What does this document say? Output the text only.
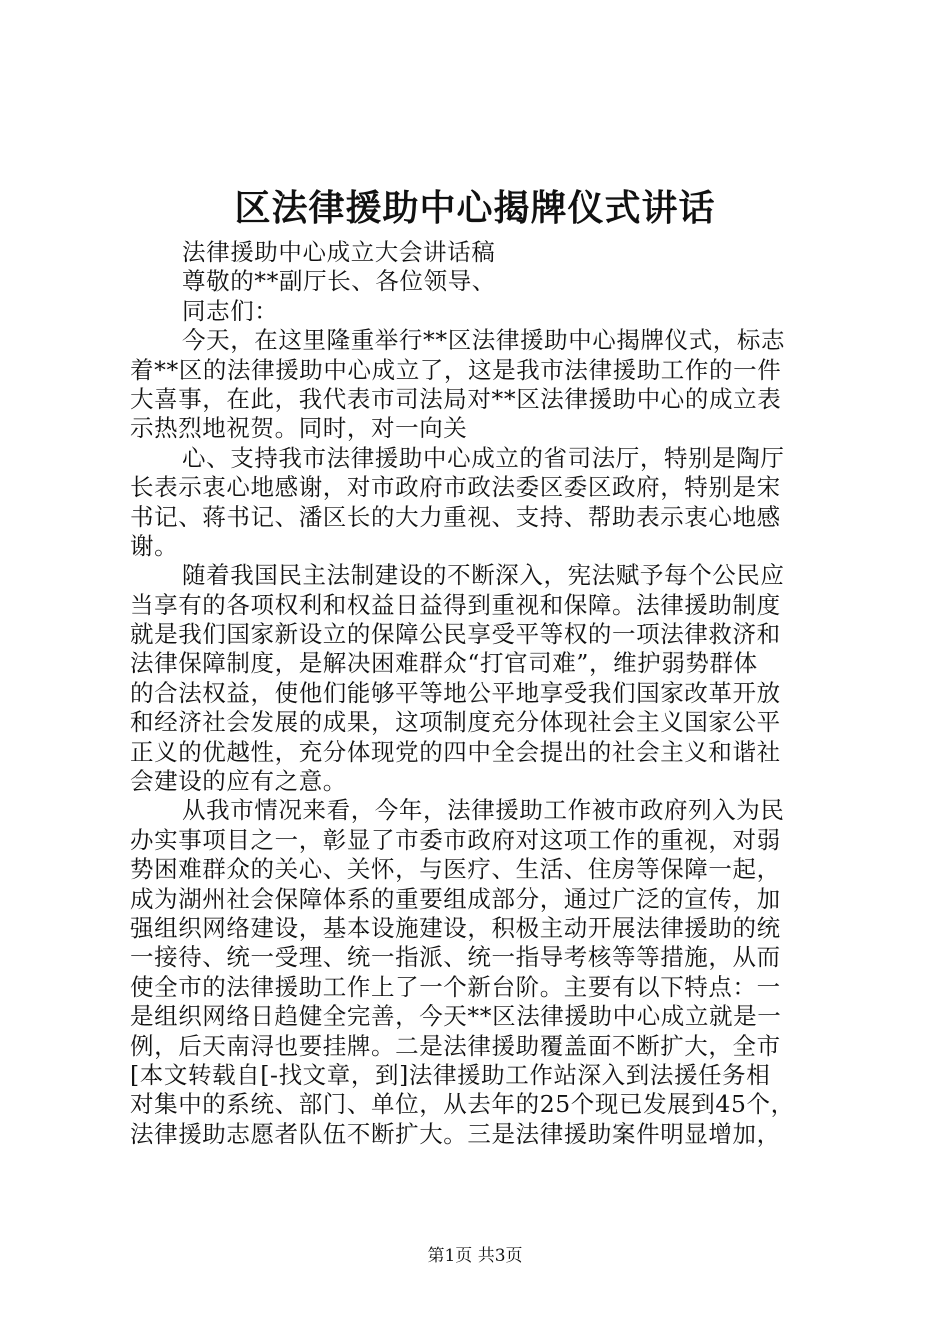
区法律援助中心揭牌仪式讲话
法律援助中心成立大会讲话稿
尊敬的**副厅长、各位领导、
同志们：
今天，在这里隆重举行**区法律援助中心揭牌仪式，标志
着**区的法律援助中心成立了，这是我市法律援助工作的一件
大喜事，在此，我代表市司法局对**区法律援助中心的成立表
示热烈地祝贺。同时，对一向关
心、支持我市法律援助中心成立的省司法厅，特别是陶厅
长表示衷心地感谢，对市政府市政法委区委区政府，特别是宋
书记、蒋书记、潘区长的大力重视、支持、帮助表示衷心地感
谢。
随着我国民主法制建设的不断深入，宪法赋予每个公民应
当享有的各项权利和权益日益得到重视和保障。法律援助制度
就是我们国家新设立的保障公民享受平等权的一项法律救济和
法律保障制度，是解决困难群众“打官司难”，维护弱势群体
的合法权益，使他们能够平等地公平地享受我们国家改革开放
和经济社会发展的成果，这项制度充分体现社会主义国家公平
正义的优越性，充分体现党的四中全会提出的社会主义和谐社
会建设的应有之意。
从我市情况来看，今年，法律援助工作被市政府列入为民
办实事项目之一，彰显了市委市政府对这项工作的重视，对弱
势困难群众的关心、关怀，与医疗、生活、住房等保障一起，
成为湖州社会保障体系的重要组成部分，通过广泛的宣传，加
强组织网络建设，基本设施建设，积极主动开展法律援助的统
一接待、统一受理、统一指派、统一指导考核等等措施，从而
使全市的法律援助工作上了一个新台阶。主要有以下特点：一
是组织网络日趋健全完善，今天**区法律援助中心成立就是一
例，后天南浔也要挂牌。二是法律援助覆盖面不断扩大，全市
[本文转载自[-找文章，到]法律援助工作站深入到法援任务相
对集中的系统、部门、单位，从去年的25个现已发展到45个，
法律援助志愿者队伍不断扩大。三是法律援助案件明显增加，
第1页 共3页
